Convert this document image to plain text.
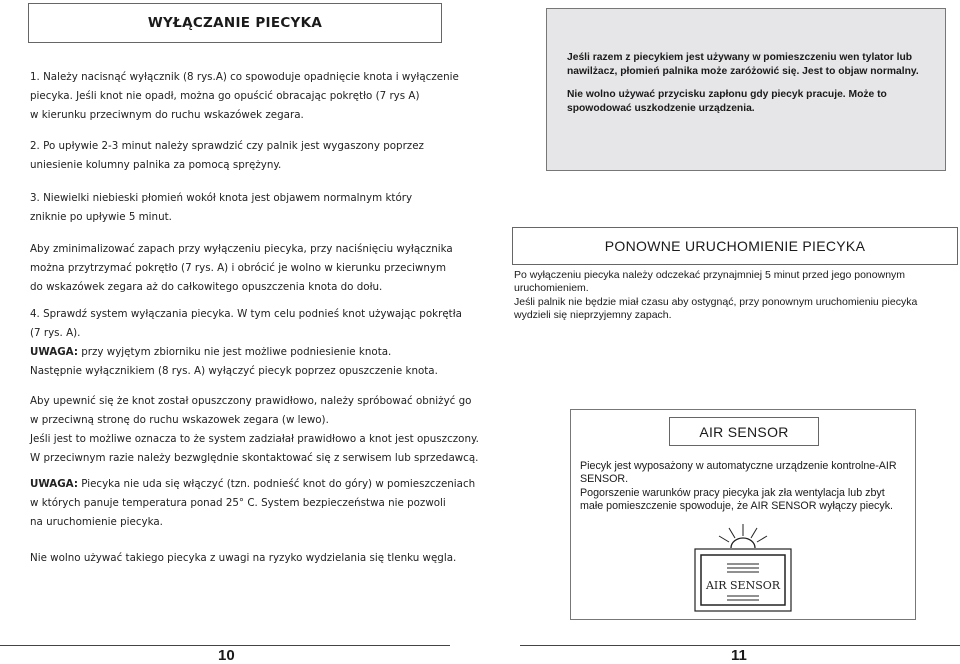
WYŁĄCZANIE PIECYKA

1. Należy nacisnąć wyłącznik (8 rys.A) co spowoduje opadnięcie knota i wyłączenie

piecyka. Jeśli knot nie opadł, można go opuścić obracając pokrętło (7 rys A)

w kierunku przeciwnym do ruchu wskazówek zegara.

2. Po upływie 2-3 minut należy sprawdzić czy palnik jest wygaszony poprzez

uniesienie kolumny palnika za pomocą sprężyny.

3. Niewielki niebieski płomień wokół knota jest objawem normalnym który

zniknie po upływie 5 minut.

Aby zminimalizować zapach przy wyłączeniu piecyka, przy naciśnięciu wyłącznika

można przytrzymać pokrętło (7 rys. A) i obrócić je wolno w kierunku przeciwnym

do wskazówek zegara aż do całkowitego opuszczenia knota do dołu.

4. Sprawdź system wyłączania piecyka. W tym celu podnieś knot używając pokrętła

(7 rys. A).

UWAGA: przy wyjętym zbiorniku nie jest możliwe podniesienie knota.

Następnie wyłącznikiem (8 rys. A) wyłączyć piecyk poprzez opuszczenie knota.

Aby upewnić się że knot został opuszczony prawidłowo, należy spróbować obniżyć go

w przeciwną stronę do ruchu wskazowek zegara (w lewo).

Jeśli jest to możliwe oznacza to że system zadziałał prawidłowo a knot jest opuszczony.

W przeciwnym razie należy bezwględnie skontaktować się z serwisem lub sprzedawcą.

UWAGA: Piecyka nie uda się włączyć (tzn. podnieść knot do góry) w pomieszczeniach

w których panuje temperatura ponad 25° C. System bezpieczeństwa nie pozwoli

na uruchomienie piecyka.

Nie wolno używać takiego piecyka z uwagi na ryzyko wydzielania się tlenku węgla.

10

Jeśli razem z piecykiem jest używany w pomieszczeniu wen tylator lub nawilżacz, płomień palnika może zaróżowić się. Jest to objaw normalny.

Nie wolno używać przycisku zapłonu gdy piecyk pracuje. Może to spowodować uszkodzenie urządzenia.

PONOWNE URUCHOMIENIE PIECYKA

Po wyłączeniu piecyka należy odczekać przynajmniej 5 minut przed jego ponownym uruchomieniem.

Jeśli palnik nie będzie miał czasu aby ostygnąć, przy ponownym uruchomieniu piecyka wydzieli się nieprzyjemny zapach.

AIR SENSOR

Piecyk jest wyposażony w automatyczne urządzenie kontrolne-AIR SENSOR.

Pogorszenie warunków pracy piecyka jak zła wentylacja lub zbyt małe pomieszczenie spowoduje, że AIR SENSOR wyłączy piecyk.

AIR SENSOR
11
